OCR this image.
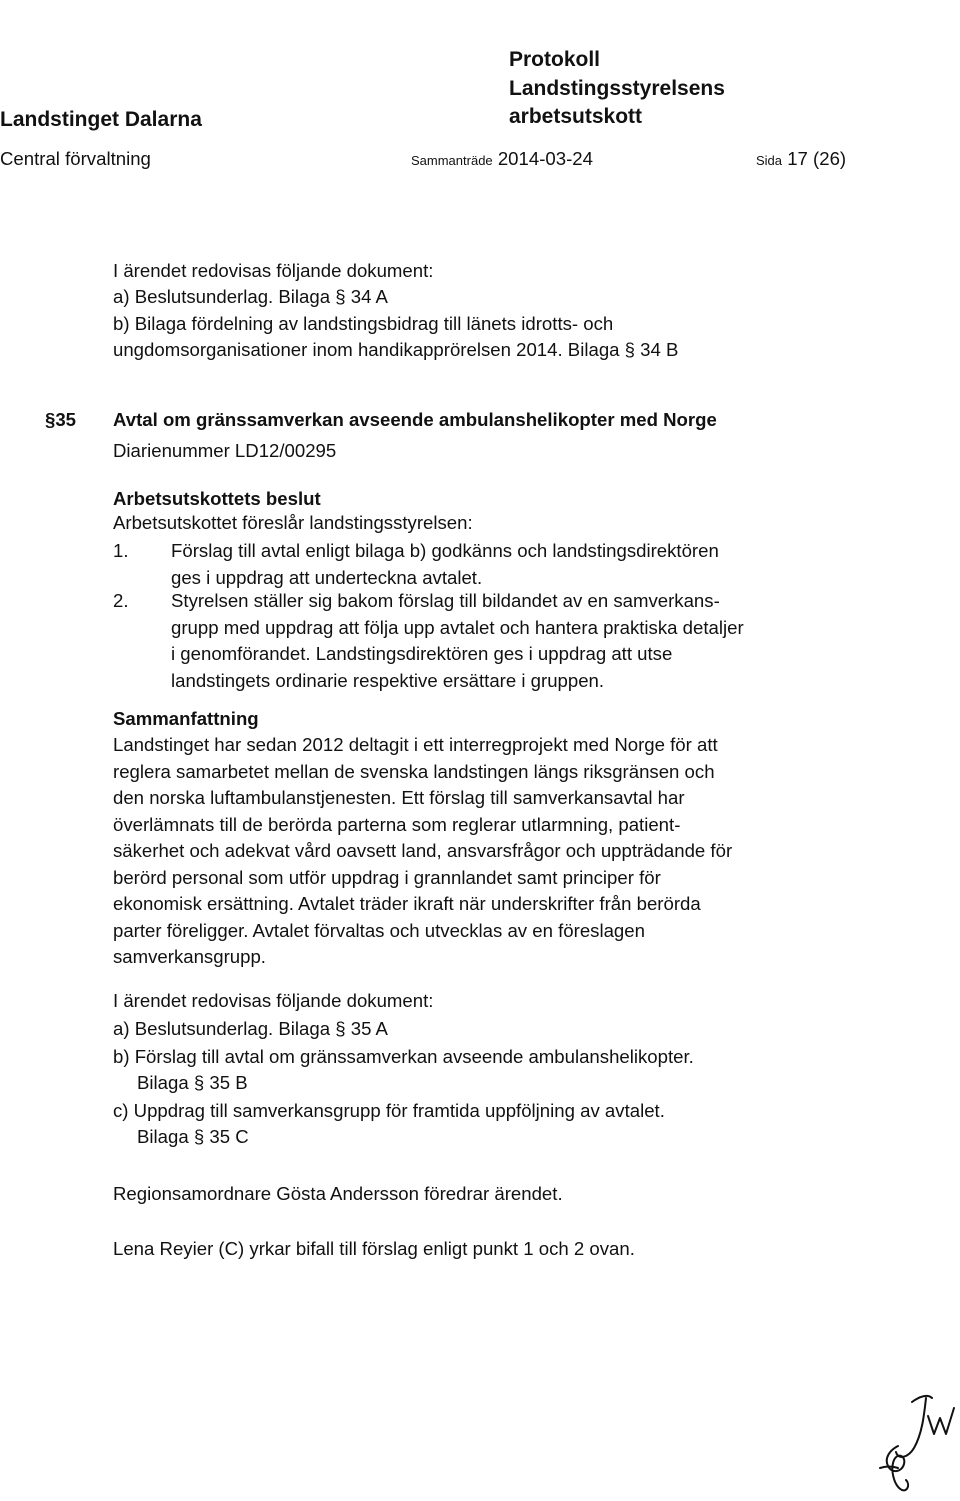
Protokoll
Landstingsstyrelsens
arbetsutskott
Landstinget Dalarna
Central förvaltning	Sammanträde 2014-03-24	Sida 17 (26)
I ärendet redovisas följande dokument:
a) Beslutsunderlag. Bilaga § 34 A
b) Bilaga fördelning av landstingsbidrag till länets idrotts- och
ungdomsorganisationer inom handikapprörelsen 2014. Bilaga § 34 B
§35 Avtal om gränssamverkan avseende ambulanshelikopter med Norge
Diarienummer LD12/00295
Arbetsutskottets beslut
Arbetsutskottet föreslår landstingsstyrelsen:
1. Förslag till avtal enligt bilaga b) godkänns och landstingsdirektören
ges i uppdrag att underteckna avtalet.
2. Styrelsen ställer sig bakom förslag till bildandet av en samverkans-
grupp med uppdrag att följa upp avtalet och hantera praktiska detaljer
i genomförandet. Landstingsdirektören ges i uppdrag att utse
landstingets ordinarie respektive ersättare i gruppen.
Sammanfattning
Landstinget har sedan 2012 deltagit i ett interregprojekt med Norge för att
reglera samarbetet mellan de svenska landstingen längs riksgränsen och
den norska luftambulanstjenesten. Ett förslag till samverkansavtal har
överlämnats till de berörda parterna som reglerar utlarmning, patient-
säkerhet och adekvat vård oavsett land, ansvarsfrågor och uppträdande för
berörd personal som utför uppdrag i grannlandet samt principer för
ekonomisk ersättning. Avtalet träder ikraft när underskrifter från berörda
parter föreligger. Avtalet förvaltas och utvecklas av en föreslagen
samverkansgrupp.
I ärendet redovisas följande dokument:
a) Beslutsunderlag. Bilaga § 35 A
b) Förslag till avtal om gränssamverkan avseende ambulanshelikopter.
Bilaga § 35 B
c) Uppdrag till samverkansgrupp för framtida uppföljning av avtalet.
Bilaga § 35 C
Regionsamordnare Gösta Andersson föredrar ärendet.
Lena Reyier (C) yrkar bifall till förslag enligt punkt 1 och 2 ovan.
